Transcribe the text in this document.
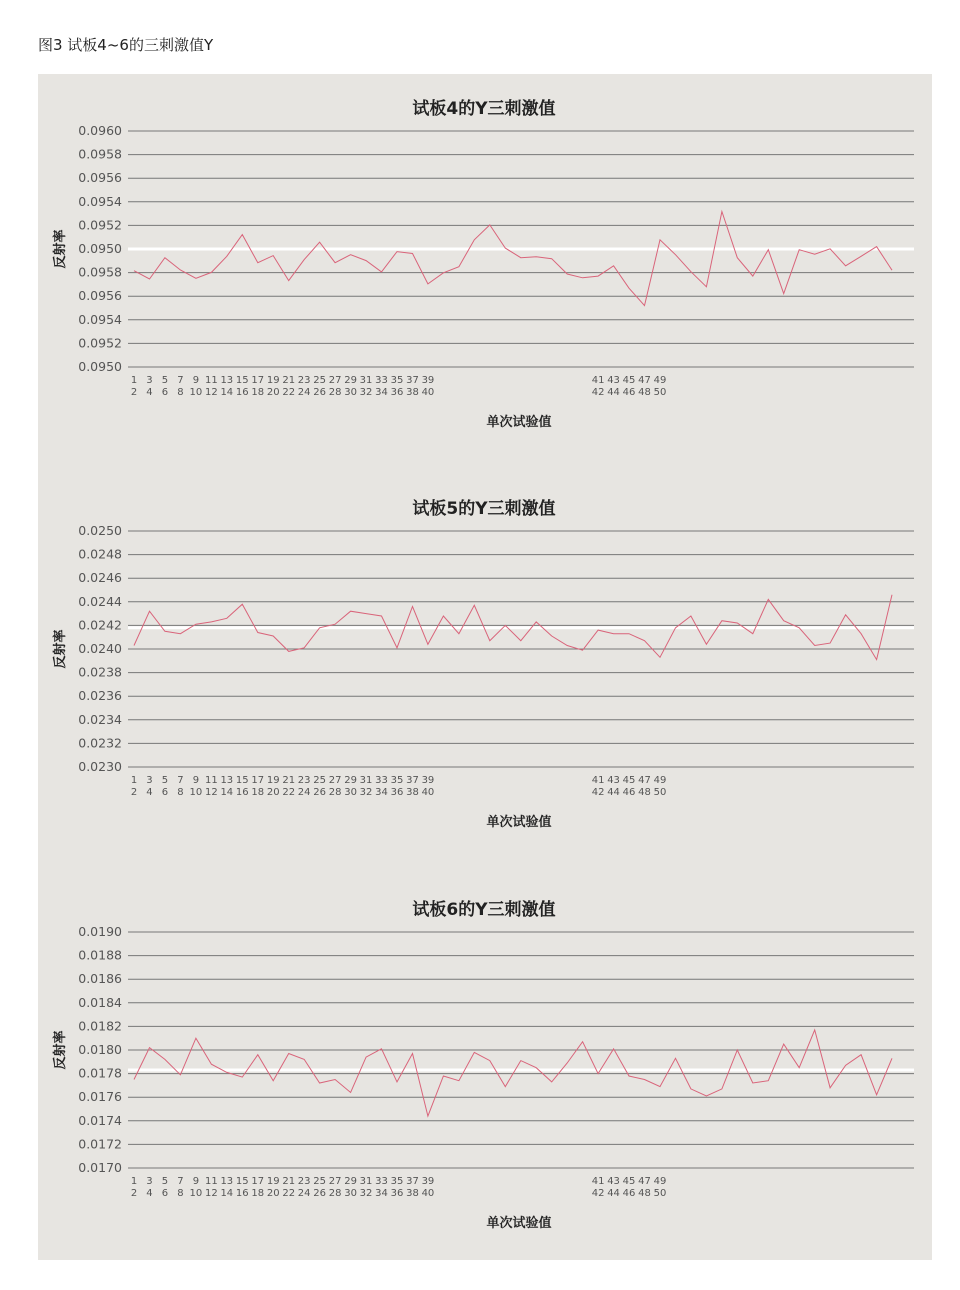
图3 试板4~6的三刺激值Y
试板4的Y三刺激值
0.0960
0.0958
0.0956
0.0954
0.0952
0.0950
0.0958
0.0956
0.0954
0.0952
0.0950
反射率
1 3 5 7 9 11 13 15 17 19 21 23 25 27 29 31 33 35 37 39	41 43 45 47 49
2 4 6 8 10 12 14 16 18 20 22 24 26 28 30 32 34 36 38 40	42 44 46 48 50
单次试验值
试板5的Y三刺激值
0.0250
0.0248
0.0246
0.0244
0.0242
0.0240
0.0238
0.0236
0.0234
0.0232
0.0230
反射率
1 3 5 7 9 11 13 15 17 19 21 23 25 27 29 31 33 35 37 39	41 43 45 47 49
2 4 6 8 10 12 14 16 18 20 22 24 26 28 30 32 34 36 38 40	42 44 46 48 50
单次试验值
试板6的Y三刺激值
0.0190
0.0188
0.0186
0.0184
0.0182
0.0180
0.0178
0.0176
0.0174
0.0172
0.0170
反射率
1 3 5 7 9 11 13 15 17 19 21 23 25 27 29 31 33 35 37 39	41 43 45 47 49
2 4 6 8 10 12 14 16 18 20 22 24 26 28 30 32 34 36 38 40	42 44 46 48 50
单次试验值
